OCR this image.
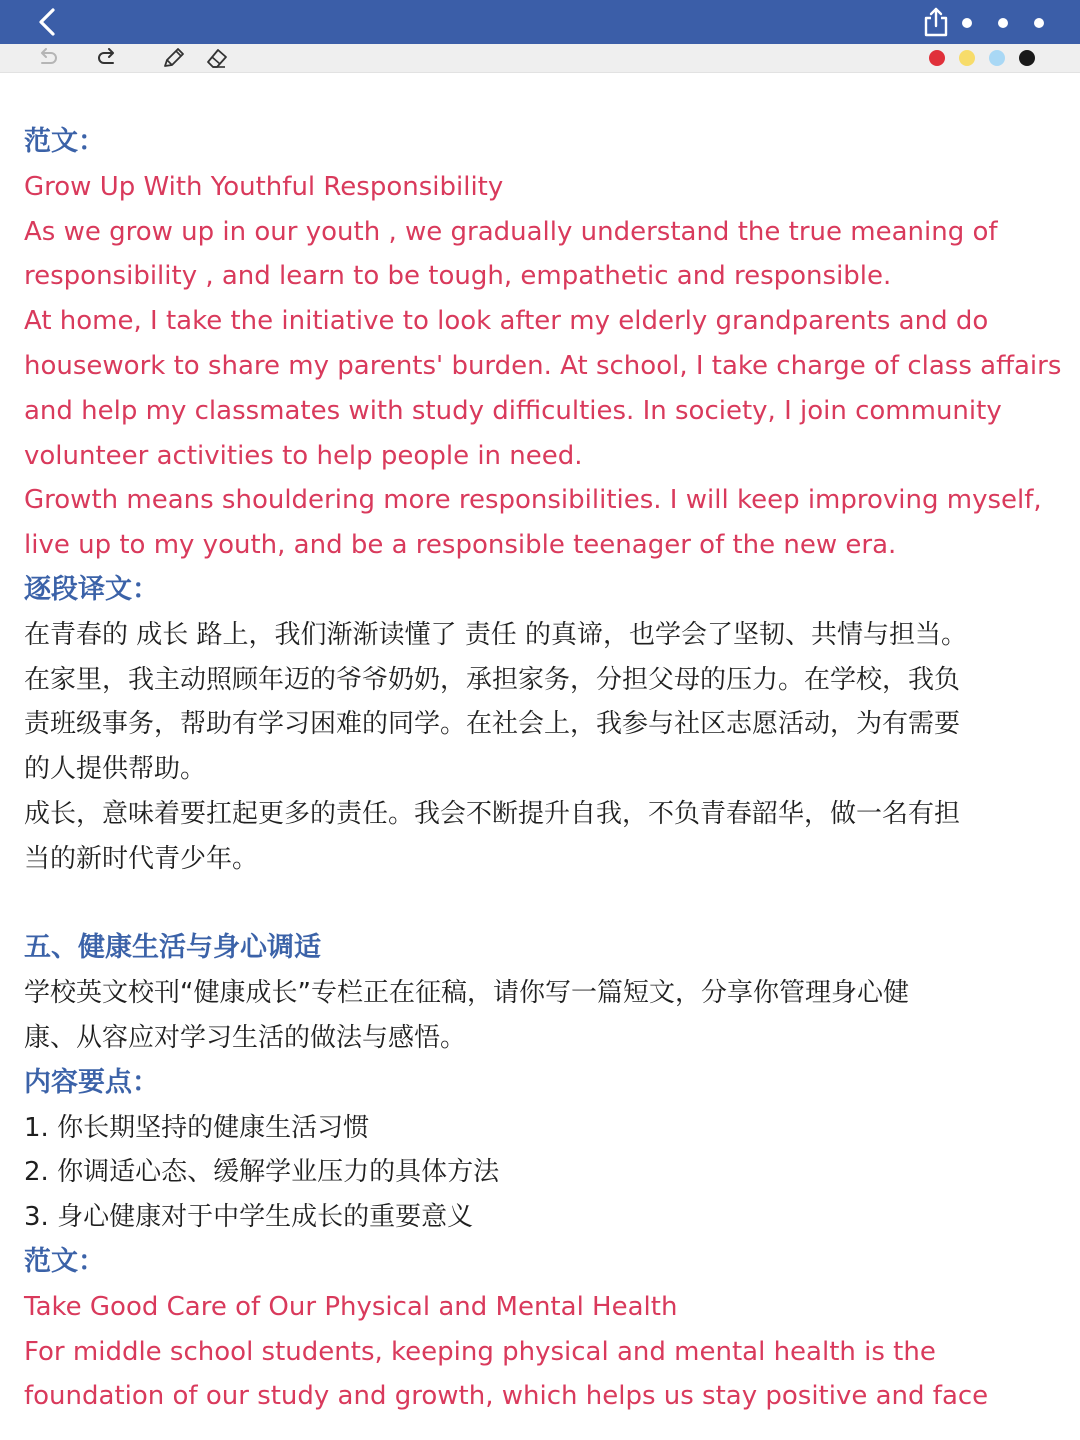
范文：
Grow Up With Youthful Responsibility
As we grow up in our youth , we gradually understand the true meaning of
responsibility , and learn to be tough, empathetic and responsible.
At home, I take the initiative to look after my elderly grandparents and do
housework to share my parents' burden. At school, I take charge of class affairs
and help my classmates with study difficulties. In society, I join community
volunteer activities to help people in need.
Growth means shouldering more responsibilities. I will keep improving myself,
live up to my youth, and be a responsible teenager of the new era.
逐段译文：
在青春的 成长 路上，我们渐渐读懂了 责任 的真谛，也学会了坚韧、共情与担当。
在家里，我主动照顾年迈的爷爷奶奶，承担家务，分担父母的压力。在学校，我负
责班级事务，帮助有学习困难的同学。在社会上，我参与社区志愿活动，为有需要
的人提供帮助。
成长，意味着要扛起更多的责任。我会不断提升自我，不负青春韶华，做一名有担
当的新时代青少年。
五、健康生活与身心调适
学校英文校刊“健康成长”专栏正在征稿，请你写一篇短文，分享你管理身心健
康、从容应对学习生活的做法与感悟。
内容要点：
1. 你长期坚持的健康生活习惯
2. 你调适心态、缓解学业压力的具体方法
3. 身心健康对于中学生成长的重要意义
范文：
Take Good Care of Our Physical and Mental Health
For middle school students, keeping physical and mental health is the
foundation of our study and growth, which helps us stay positive and face
